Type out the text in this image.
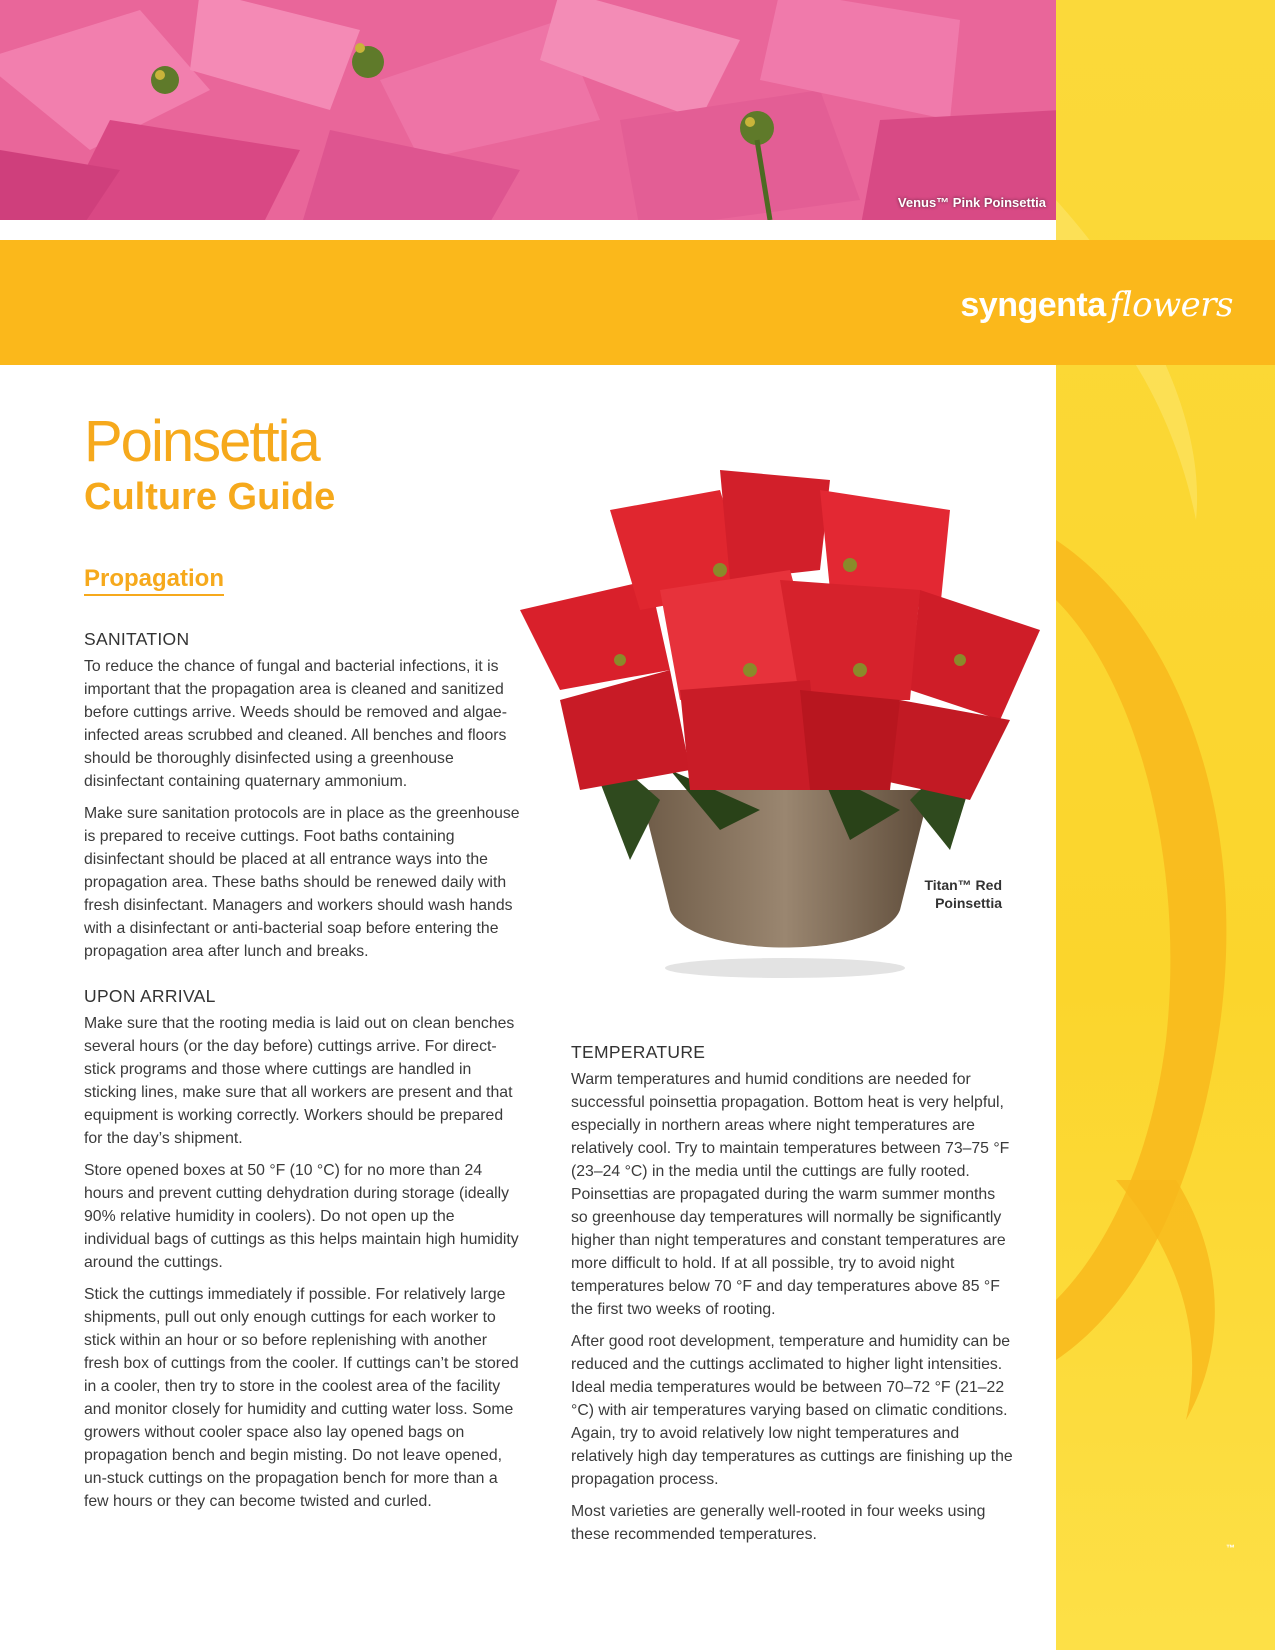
Venus™ Pink Poinsettia
syngenta flowers
Poinsettia
Culture Guide
Propagation
SANITATION

To reduce the chance of fungal and bacterial infections, it is important that the propagation area is cleaned and sanitized before cuttings arrive. Weeds should be removed and algae-infected areas scrubbed and cleaned. All benches and floors should be thoroughly disinfected using a greenhouse disinfectant containing quaternary ammonium.

Make sure sanitation protocols are in place as the greenhouse is prepared to receive cuttings. Foot baths containing disinfectant should be placed at all entrance ways into the propagation area. These baths should be renewed daily with fresh disinfectant. Managers and workers should wash hands with a disinfectant or anti-bacterial soap before entering the propagation area after lunch and breaks.

UPON ARRIVAL

Make sure that the rooting media is laid out on clean benches several hours (or the day before) cuttings arrive. For direct-stick programs and those where cuttings are handled in sticking lines, make sure that all workers are present and that equipment is working correctly. Workers should be prepared for the day’s shipment.

Store opened boxes at 50 °F (10 °C) for no more than 24 hours and prevent cutting dehydration during storage (ideally 90% relative humidity in coolers). Do not open up the individual bags of cuttings as this helps maintain high humidity around the cuttings.

Stick the cuttings immediately if possible. For relatively large shipments, pull out only enough cuttings for each worker to stick within an hour or so before replenishing with another fresh box of cuttings from the cooler. If cuttings can’t be stored in a cooler, then try to store in the coolest area of the facility and monitor closely for humidity and cutting water loss. Some growers without cooler space also lay opened bags on propagation bench and begin misting. Do not leave opened, un-stuck cuttings on the propagation bench for more than a few hours or they can become twisted and curled.

Titan™ Red
Poinsettia
TEMPERATURE

Warm temperatures and humid conditions are needed for successful poinsettia propagation. Bottom heat is very helpful, especially in northern areas where night temperatures are relatively cool. Try to maintain temperatures between 73–75 °F (23–24 °C) in the media until the cuttings are fully rooted. Poinsettias are propagated during the warm summer months so greenhouse day temperatures will normally be significantly higher than night temperatures and constant temperatures are more difficult to hold. If at all possible, try to avoid night temperatures below 70 °F and day temperatures above 85 °F the first two weeks of rooting.

After good root development, temperature and humidity can be reduced and the cuttings acclimated to higher light intensities. Ideal media temperatures would be between 70–72 °F (21–22 °C) with air temperatures varying based on climatic conditions. Again, try to avoid relatively low night temperatures and relatively high day temperatures as cuttings are finishing up the propagation process.

Most varieties are generally well-rooted in four weeks using these recommended temperatures.

™
